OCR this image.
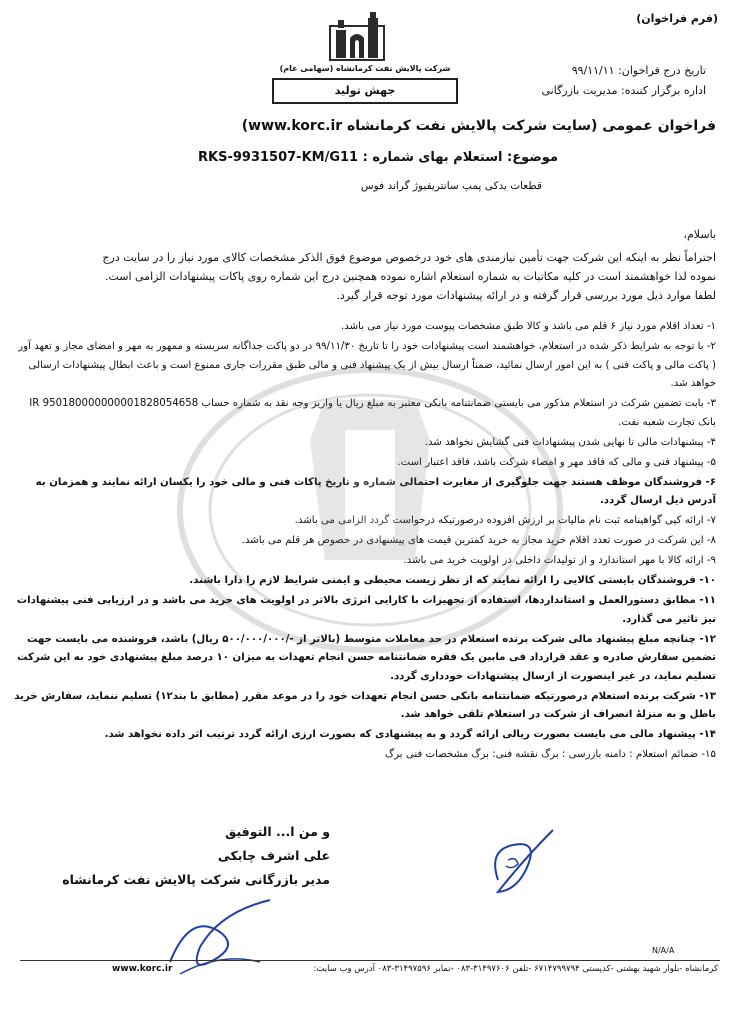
(فرم فراخوان)
شرکت پالایش نفت کرمانشاه (سهامی عام)
جهش تولید
تاریخ درج فراخوان: ۹۹/۱۱/۱۱
اداره برگزار کننده: مدیریت بازرگانی
فراخوان عمومی (سایت شرکت پالایش نفت کرمانشاه www.korc.ir)
موضوع: استعلام بهای شماره : RKS-9931507-KM/G11
قطعات یدکی پمپ سانتریفیوژ گراند فوس
باسلام،

احتراماً نظر به اینکه این شرکت جهت تأمین نیازمندی های خود درخصوص موضوع فوق الذکر مشخصات کالای مورد نیاز را در سایت درج

نموده لذا خواهشمند است در کلیه مکاتبات به شماره استعلام اشاره نموده همچنین درج این شماره روی پاکات پیشنهادات الزامی است.

لطفا موارد ذیل مورد بررسی قرار گرفته و در ارائه پیشنهادات مورد توجه قرار گیرد.

۱- تعداد اقلام مورد نیاز ۶ قلم می باشد و کالا طبق مشخصات پیوست مورد نیاز می باشد.

۲- با توجه به شرایط ذکر شده در استعلام، خواهشمند است پیشنهادات خود را تا تاریخ ۹۹/۱۱/۳۰ در دو پاکت جداگانه سربسته و ممهور به مهر و امضای مجاز و تعهد آور ( پاکت مالی و پاکت فنی ) به این امور ارسال نمائید، ضمناً ارسال بیش از یک پیشنهاد فنی و مالی طبق مقررات جاری ممنوع است و باعث ابطال پیشنهادات ارسالی خواهد شد.

۳- بابت تضمین شرکت در استعلام مذکور می بایستی ضمانتنامه بانکی معتبر به مبلغ ریال یا واریز وجه نقد به شماره حساب IR 950180000000001828054658 بانک تجارت شعبه نفت.

۴- پیشنهادات مالی تا نهایی شدن پیشنهادات فنی گشایش نخواهد شد.

۵- پیشنهاد فنی و مالی که فاقد مهر و امضاء شرکت باشد، فاقد اعتبار است.

۶- فروشندگان موظف هستند جهت جلوگیری از مغایرت احتمالی شماره و تاریخ پاکات فنی و مالی خود را یکسان ارائه نمایند و همزمان به آدرس ذیل ارسال گردد.

۷- ارائه کپی گواهینامه ثبت نام مالیات بر ارزش افزوده درصورتیکه درخواست گردد الزامی می باشد.

۸- این شرکت در صورت تعدد اقلام خرید مجاز به خرید کمترین قیمت های پیشنهادی در خصوص هر قلم می باشد.

۹- ارائه کالا با مهر استاندارد و از تولیدات داخلی در اولویت خرید می باشد.

۱۰- فروشندگان بایستی کالایی را ارائه نمایند که از نظر زیست محیطی و ایمنی شرایط لازم را دارا باشند.

۱۱- مطابق دستورالعمل و استانداردها، استفاده از تجهیزات با کارایی انرژی بالاتر در اولویت های خرید می باشد و در ارزیابی فنی پیشنهادات نیز تاثیر می گذارد.

۱۲- چنانچه مبلغ پیشنهاد مالی شرکت برنده استعلام در حد معاملات متوسط (بالاتر از -/۵۰۰/۰۰۰/۰۰۰ ریال) باشد، فروشنده می بایست جهت تضمین سفارش صادره و عقد قرارداد فی مابین یک فقره ضمانتنامه حسن انجام تعهدات به میزان ۱۰ درصد مبلغ پیشنهادی خود به این شرکت تسلیم نماید، در غیر اینصورت از ارسال پیشنهادات خودداری گردد.

۱۳- شرکت برنده استعلام درصورتیکه ضمانتنامه بانکی حسن انجام تعهدات خود را در موعد مقرر (مطابق با بند۱۲) تسلیم ننماید، سفارش خرید باطل و به منزلهٔ انصراف از شرکت در استعلام تلقی خواهد شد.

۱۴- پیشنهاد مالی می بایست بصورت ریالی ارائه گردد و به پیشنهادی که بصورت ارزی ارائه گردد ترتیب اثر داده نخواهد شد.

۱۵- ضمائم استعلام : دامنه بازرسی : برگ نقشه فنی: برگ مشخصات فنی برگ

و من ا... التوفیق
علی اشرف چابکی
مدیر بازرگانی شرکت پالایش نفت کرمانشاه
N/A/A
کرمانشاه -بلوار شهید بهشتی -کدپستی ۶۷۱۴۷۹۹۷۹۴ -تلفن ۳۱۴۹۷۶۰۶-۰۸۳ -نمابر ۳۱۴۹۷۵۹۶-۰۸۳ آدرس وب سایت:
www.korc.ir
